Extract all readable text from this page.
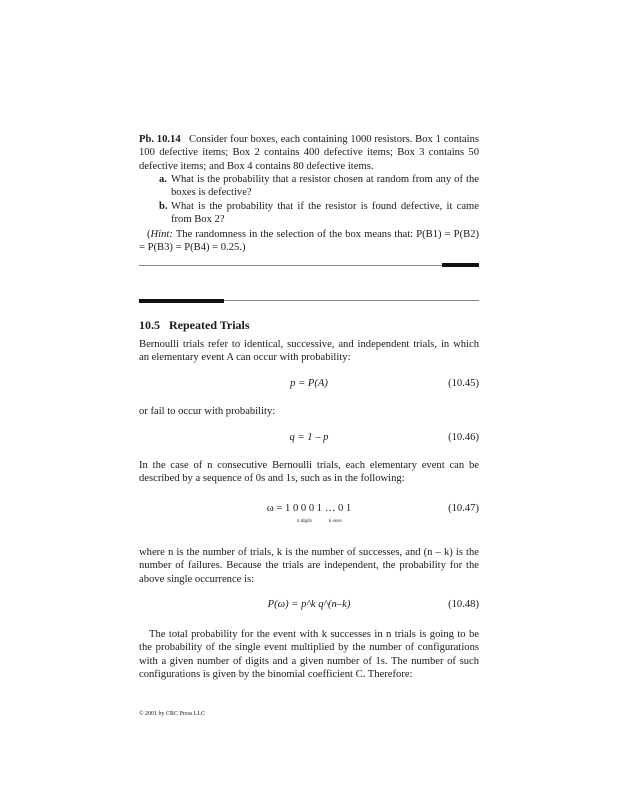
Pb. 10.14 Consider four boxes, each containing 1000 resistors. Box 1 contains 100 defective items; Box 2 contains 400 defective items; Box 3 contains 50 defective items; and Box 4 contains 80 defective items.

a. What is the probability that a resistor chosen at random from any of the boxes is defective?
b. What is the probability that if the resistor is found defective, it came from Box 2?

(Hint: The randomness in the selection of the box means that: P(B1) = P(B2) = P(B3) = P(B4) = 0.25.)

10.5 Repeated Trials

Bernoulli trials refer to identical, successive, and independent trials, in which an elementary event A can occur with probability:

p = P(A)	(10.45)

or fail to occur with probability:

q = 1 – p	(10.46)

In the case of n consecutive Bernoulli trials, each elementary event can be described by a sequence of 0s and 1s, such as in the following:

ω = 1 0 0 0 1 … 0 1	(10.47)
n digits	k ones

where n is the number of trials, k is the number of successes, and (n – k) is the number of failures. Because the trials are independent, the probability for the above single occurrence is:

P(ω) = p^k q^(n–k)	(10.48)

The total probability for the event with k successes in n trials is going to be the probability of the single event multiplied by the number of configurations with a given number of digits and a given number of 1s. The number of such configurations is given by the binomial coefficient C. Therefore:

© 2001 by CRC Press LLC
